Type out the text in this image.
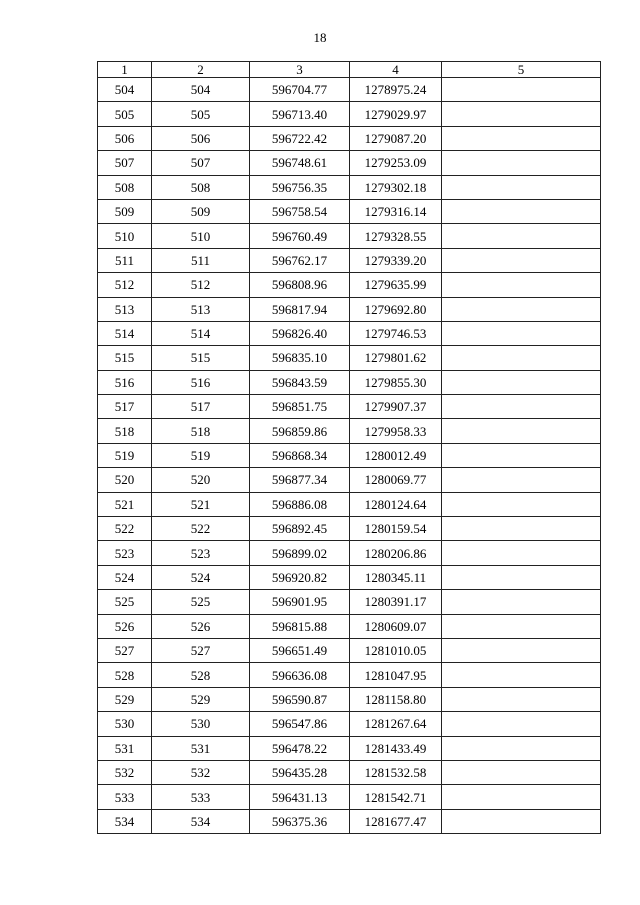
18
1	2	3	4	5
504	504	596704.77	1278975.24	
505	505	596713.40	1279029.97	
506	506	596722.42	1279087.20	
507	507	596748.61	1279253.09	
508	508	596756.35	1279302.18	
509	509	596758.54	1279316.14	
510	510	596760.49	1279328.55	
511	511	596762.17	1279339.20	
512	512	596808.96	1279635.99	
513	513	596817.94	1279692.80	
514	514	596826.40	1279746.53	
515	515	596835.10	1279801.62	
516	516	596843.59	1279855.30	
517	517	596851.75	1279907.37	
518	518	596859.86	1279958.33	
519	519	596868.34	1280012.49	
520	520	596877.34	1280069.77	
521	521	596886.08	1280124.64	
522	522	596892.45	1280159.54	
523	523	596899.02	1280206.86	
524	524	596920.82	1280345.11	
525	525	596901.95	1280391.17	
526	526	596815.88	1280609.07	
527	527	596651.49	1281010.05	
528	528	596636.08	1281047.95	
529	529	596590.87	1281158.80	
530	530	596547.86	1281267.64	
531	531	596478.22	1281433.49	
532	532	596435.28	1281532.58	
533	533	596431.13	1281542.71	
534	534	596375.36	1281677.47	
